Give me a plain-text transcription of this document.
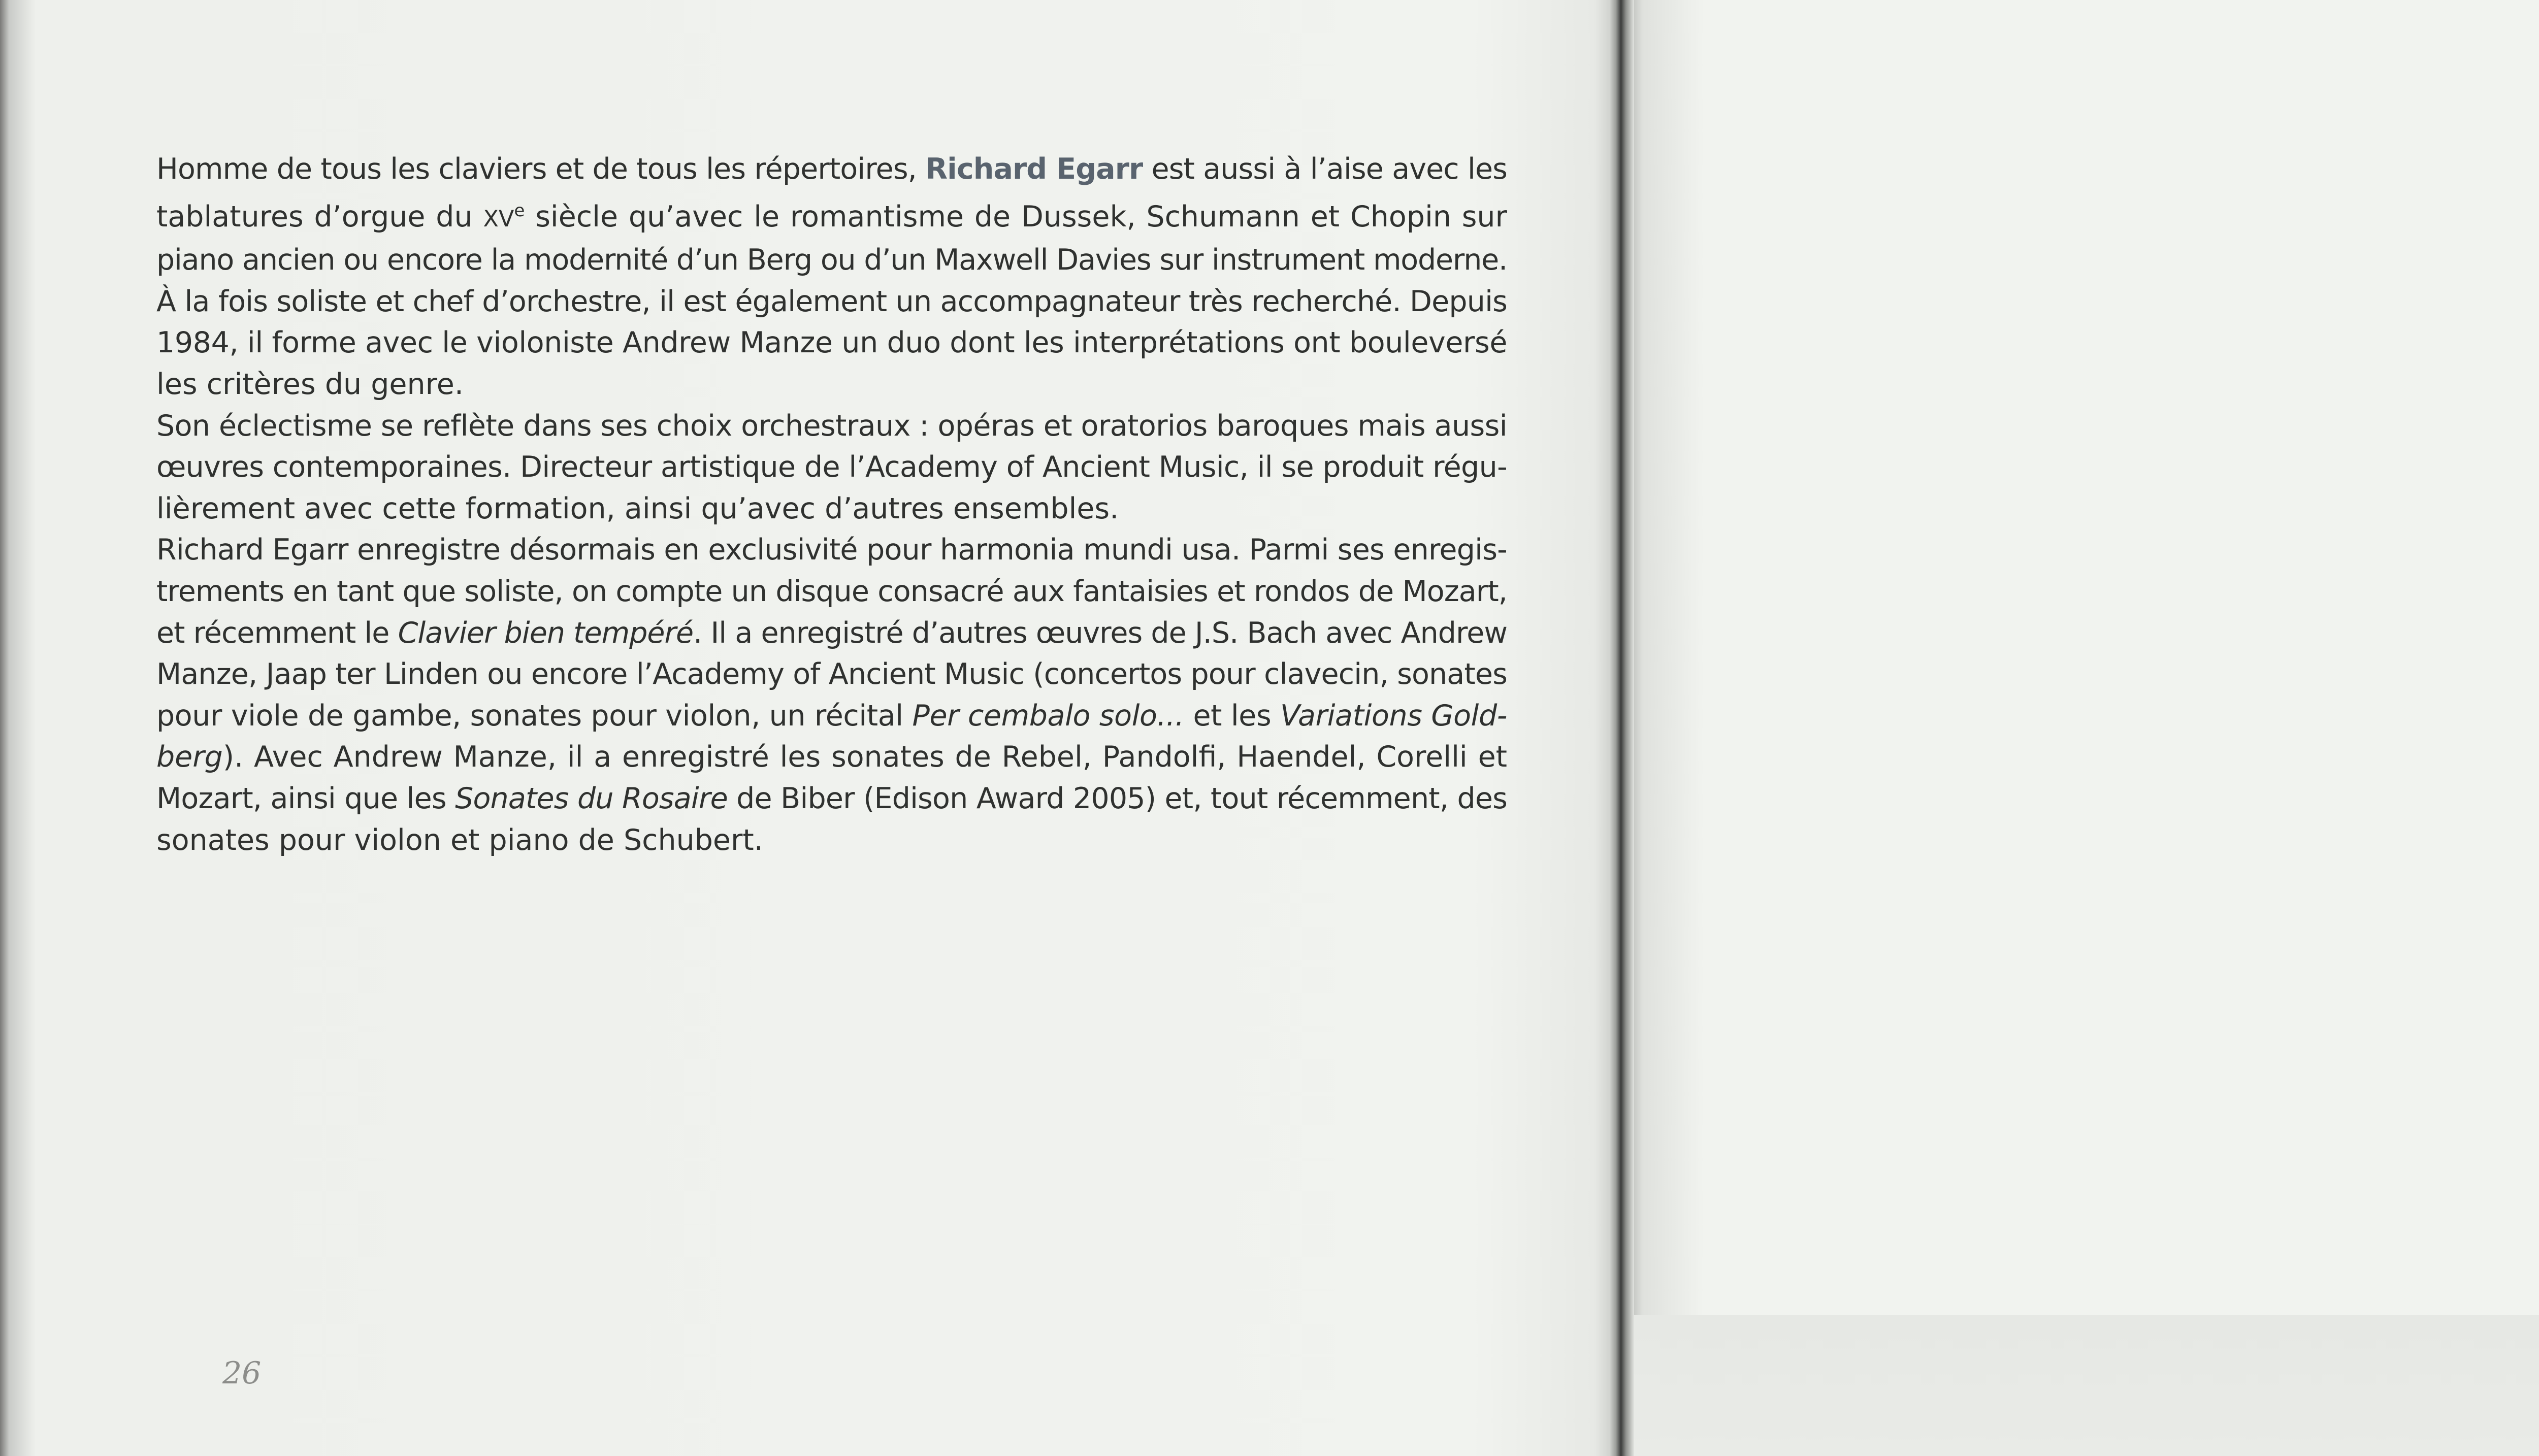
Homme de tous les claviers et de tous les répertoires, Richard Egarr est aussi à l’aise avec les
tablatures d’orgue du XVe siècle qu’avec le romantisme de Dussek, Schumann et Chopin sur
piano ancien ou encore la modernité d’un Berg ou d’un Maxwell Davies sur instrument moderne.
À la fois soliste et chef d’orchestre, il est également un accompagnateur très recherché. Depuis
1984, il forme avec le violoniste Andrew Manze un duo dont les interprétations ont bouleversé
les critères du genre.
Son éclectisme se reflète dans ses choix orchestraux : opéras et oratorios baroques mais aussi
œuvres contemporaines. Directeur artistique de l’Academy of Ancient Music, il se produit régu-
lièrement avec cette formation, ainsi qu’avec d’autres ensembles.
Richard Egarr enregistre désormais en exclusivité pour harmonia mundi usa. Parmi ses enregis-
trements en tant que soliste, on compte un disque consacré aux fantaisies et rondos de Mozart,
et récemment le Clavier bien tempéré. Il a enregistré d’autres œuvres de J.S. Bach avec Andrew
Manze, Jaap ter Linden ou encore l’Academy of Ancient Music (concertos pour clavecin, sonates
pour viole de gambe, sonates pour violon, un récital Per cembalo solo... et les Variations Gold-
berg). Avec Andrew Manze, il a enregistré les sonates de Rebel, Pandolfi, Haendel, Corelli et
Mozart, ainsi que les Sonates du Rosaire de Biber (Edison Award 2005) et, tout récemment, des
sonates pour violon et piano de Schubert.
26
